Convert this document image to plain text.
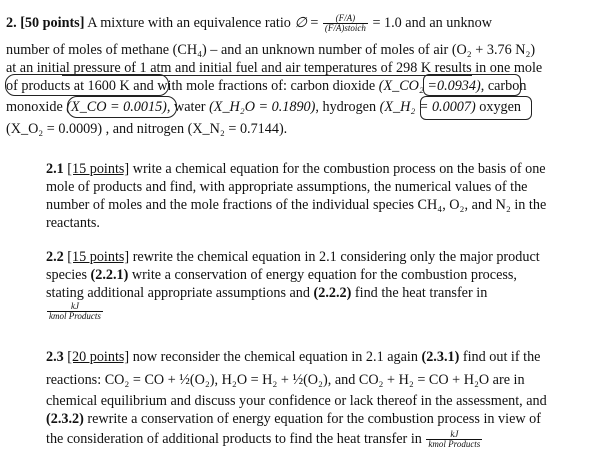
2. [50 points] A mixture with an equivalence ratio ∅ = $\frac{(F/A)}{\text{(F/A)stoich}} = 1.0$ and an unknow
number of moles of methane (CH₄) – and an unknown number of moles of air (O₂ + 3.76 N₂)
at an initial pressure of 1 atm and initial fuel and air temperatures of 298 K results in one mole
of products at 1600 K and with mole fractions of: carbon dioxide (X_CO₂ =0.0934), carbon
monoxide (X_CO = 0.0015), water (X_H₂O = 0.1890), hydrogen (X_H₂ = 0.0007) oxygen
(X_O₂ = 0.0009) , and nitrogen (X_N₂ = 0.7144).
2.1 [15 points] write a chemical equation for the combustion process on the basis of one
mole of products and find, with appropriate assumptions, the numerical values of the
number of moles and the mole fractions of the individual species CH₄, O₂, and N₂ in the
reactants.
2.2 [15 points] rewrite the chemical equation in 2.1 considering only the major product
species (2.2.1) write a conservation of energy equation for the combustion process,
stating additional appropriate assumptions and (2.2.2) find the heat transfer in
$\frac{kJ}{\text{kmol Products}}$
2.3 [20 points] now reconsider the chemical equation in 2.1 again (2.3.1) find out if the
reactions: CO₂ = CO + ½(O₂), H₂O = H₂ + ½(O₂), and CO₂ + H₂ = CO + H₂O are in
chemical equilibrium and discuss your confidence or lack thereof in the assessment, and
(2.3.2) rewrite a conservation of energy equation for the combustion process in view of
the consideration of additional products to find the heat transfer in $\frac{kJ}{\text{kmol Products}}$
